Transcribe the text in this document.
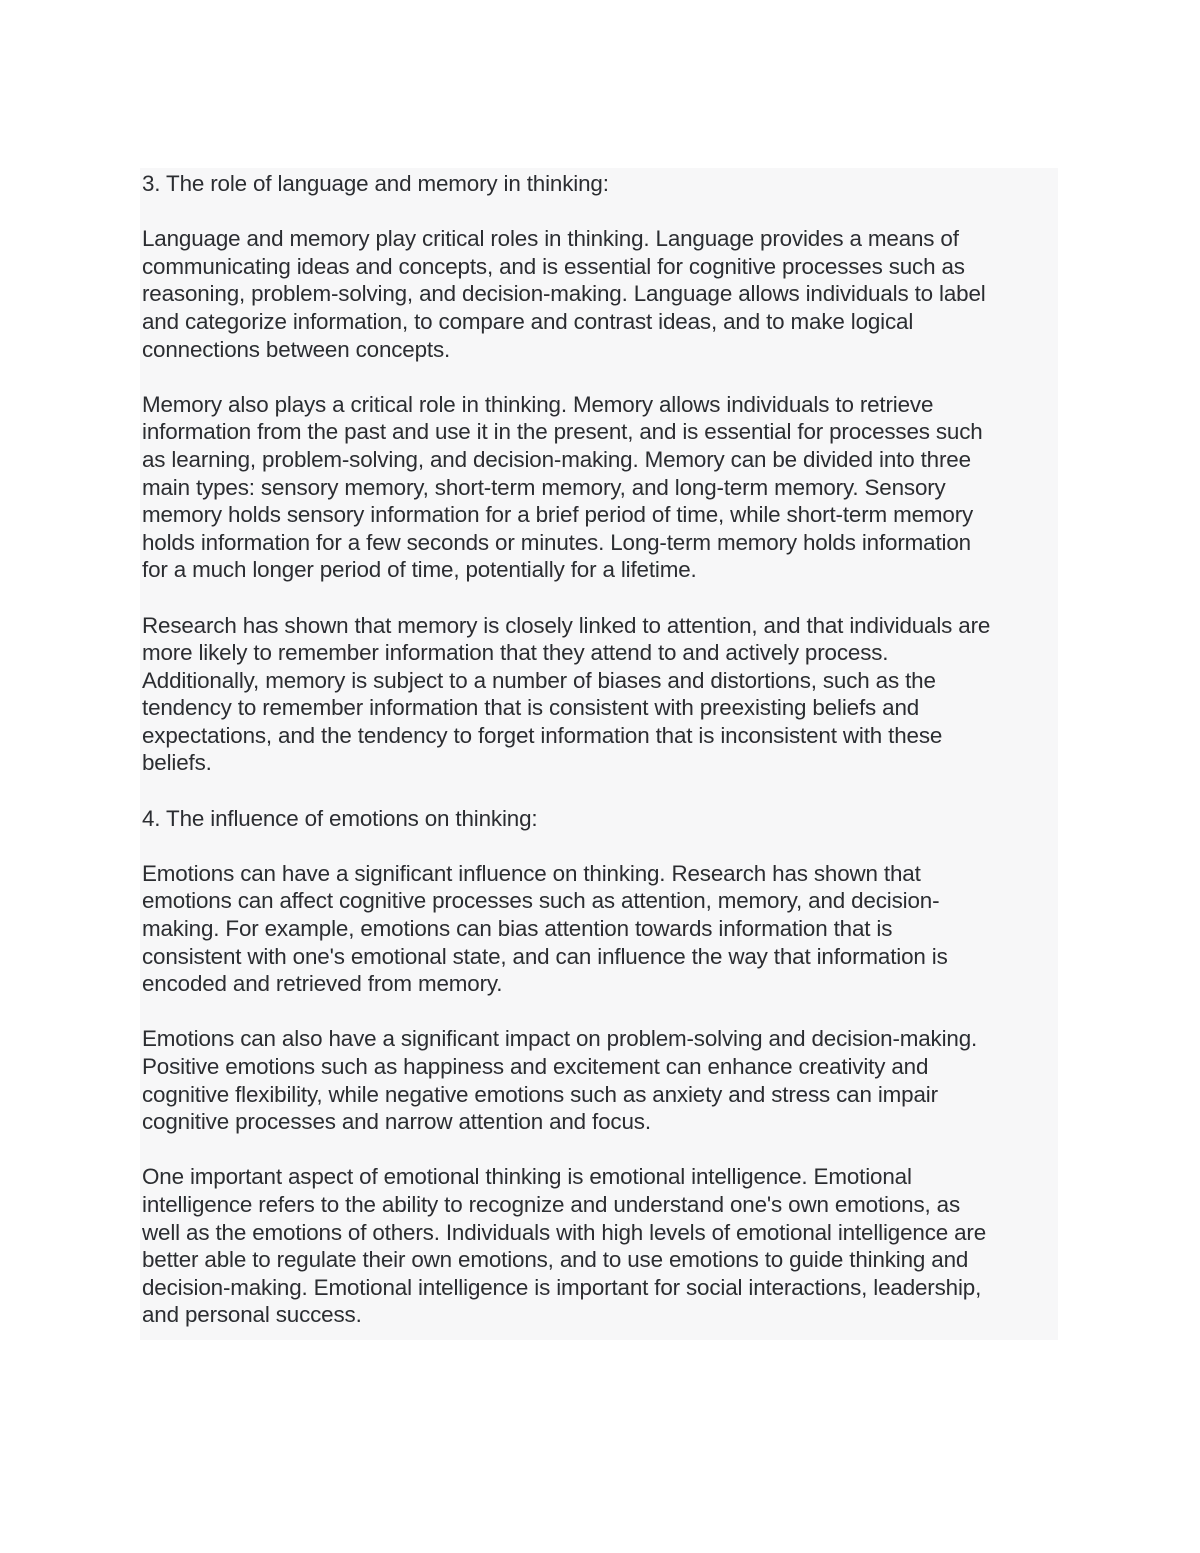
3. The role of language and memory in thinking:
Language and memory play critical roles in thinking. Language provides a means of
communicating ideas and concepts, and is essential for cognitive processes such as
reasoning, problem-solving, and decision-making. Language allows individuals to label
and categorize information, to compare and contrast ideas, and to make logical
connections between concepts.
Memory also plays a critical role in thinking. Memory allows individuals to retrieve
information from the past and use it in the present, and is essential for processes such
as learning, problem-solving, and decision-making. Memory can be divided into three
main types: sensory memory, short-term memory, and long-term memory. Sensory
memory holds sensory information for a brief period of time, while short-term memory
holds information for a few seconds or minutes. Long-term memory holds information
for a much longer period of time, potentially for a lifetime.
Research has shown that memory is closely linked to attention, and that individuals are
more likely to remember information that they attend to and actively process.
Additionally, memory is subject to a number of biases and distortions, such as the
tendency to remember information that is consistent with preexisting beliefs and
expectations, and the tendency to forget information that is inconsistent with these
beliefs.
4. The influence of emotions on thinking:
Emotions can have a significant influence on thinking. Research has shown that
emotions can affect cognitive processes such as attention, memory, and decision-
making. For example, emotions can bias attention towards information that is
consistent with one's emotional state, and can influence the way that information is
encoded and retrieved from memory.
Emotions can also have a significant impact on problem-solving and decision-making.
Positive emotions such as happiness and excitement can enhance creativity and
cognitive flexibility, while negative emotions such as anxiety and stress can impair
cognitive processes and narrow attention and focus.
One important aspect of emotional thinking is emotional intelligence. Emotional
intelligence refers to the ability to recognize and understand one's own emotions, as
well as the emotions of others. Individuals with high levels of emotional intelligence are
better able to regulate their own emotions, and to use emotions to guide thinking and
decision-making. Emotional intelligence is important for social interactions, leadership,
and personal success.
